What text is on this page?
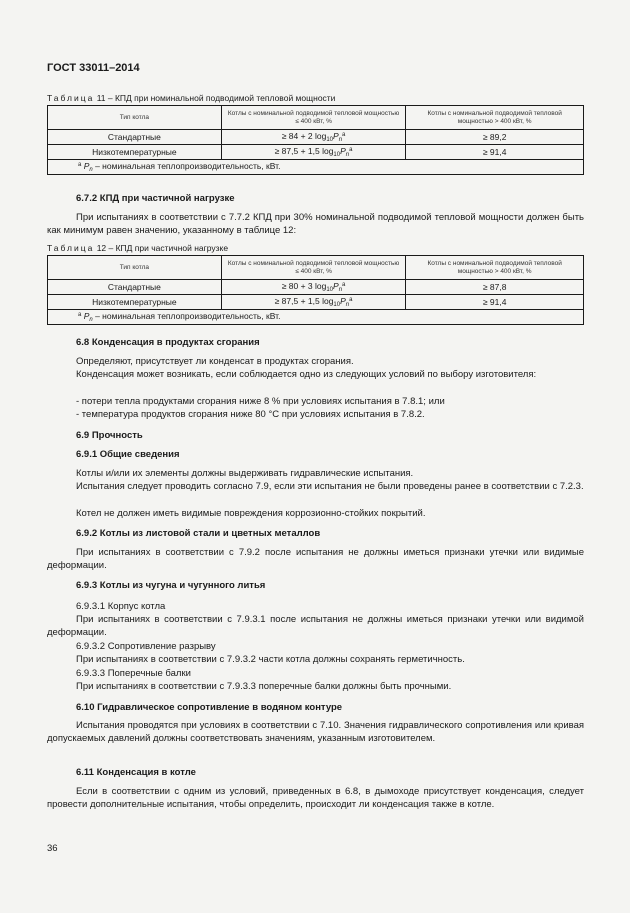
ГОСТ 33011–2014
Таблица 11 – КПД при номинальной подводимой тепловой мощности
Тип котла	Котлы с номинальной подводимой тепловой мощностью ≤ 400 кВт, %	Котлы с номинальной подводимой тепловой мощностью > 400 кВт, %
Стандартные	≥ 84 + 2 $\log_{10}P_n^a$	≥ 89,2
Низкотемпературные	≥ 87,5 + 1,5 $\log_{10}P_n^a$	≥ 91,4
$^a$ $P_n$ – номинальная теплопроизводительность, кВт.		
6.7.2 КПД при частичной нагрузке
При испытаниях в соответствии с 7.7.2 КПД при 30% номинальной подводимой тепловой мощности должен быть как минимум равен значению, указанному в таблице 12:
Таблица 12 – КПД при частичной нагрузке
Тип котла	Котлы с номинальной подводимой тепловой мощностью ≤ 400 кВт, %	Котлы с номинальной подводимой тепловой мощностью > 400 кВт, %
Стандартные	≥ 80 + 3 $\log_{10}P_n^a$	≥ 87,8
Низкотемпературные	≥ 87,5 + 1,5 $\log_{10}P_n^a$	≥ 91,4
$^a$ $P_n$ – номинальная теплопроизводительность, кВт.		
6.8 Конденсация в продуктах сгорания
Определяют, присутствует ли конденсат в продуктах сгорания.
Конденсация может возникать, если соблюдается одно из следующих условий по выбору изготовителя:
- потери тепла продуктами сгорания ниже 8 % при условиях испытания в 7.8.1; или
- температура продуктов сгорания ниже 80 °С при условиях испытания в 7.8.2.
6.9 Прочность
6.9.1 Общие сведения
Котлы и/или их элементы должны выдерживать гидравлические испытания.
Испытания следует проводить согласно 7.9, если эти испытания не были проведены ранее в соответствии с 7.2.3.
Котел не должен иметь видимые повреждения коррозионно-стойких покрытий.
6.9.2 Котлы из листовой стали и цветных металлов
При испытаниях в соответствии с 7.9.2 после испытания не должны иметься признаки утечки или видимые деформации.
6.9.3 Котлы из чугуна и чугунного литья
6.9.3.1 Корпус котла
При испытаниях в соответствии с 7.9.3.1 после испытания не должны иметься признаки утечки или видимой деформации.
6.9.3.2 Сопротивление разрыву
При испытаниях в соответствии с 7.9.3.2 части котла должны сохранять герметичность.
6.9.3.3 Поперечные балки
При испытаниях в соответствии с 7.9.3.3 поперечные балки должны быть прочными.
6.10 Гидравлическое сопротивление в водяном контуре
Испытания проводятся при условиях в соответствии с 7.10. Значения гидравлического сопротивления или кривая допускаемых давлений должны соответствовать значениям, указанным изготовителем.
6.11 Конденсация в котле
Если в соответствии с одним из условий, приведенных в 6.8, в дымоходе присутствует конденсация, следует провести дополнительные испытания, чтобы определить, происходит ли конденсация также в котле.
36
